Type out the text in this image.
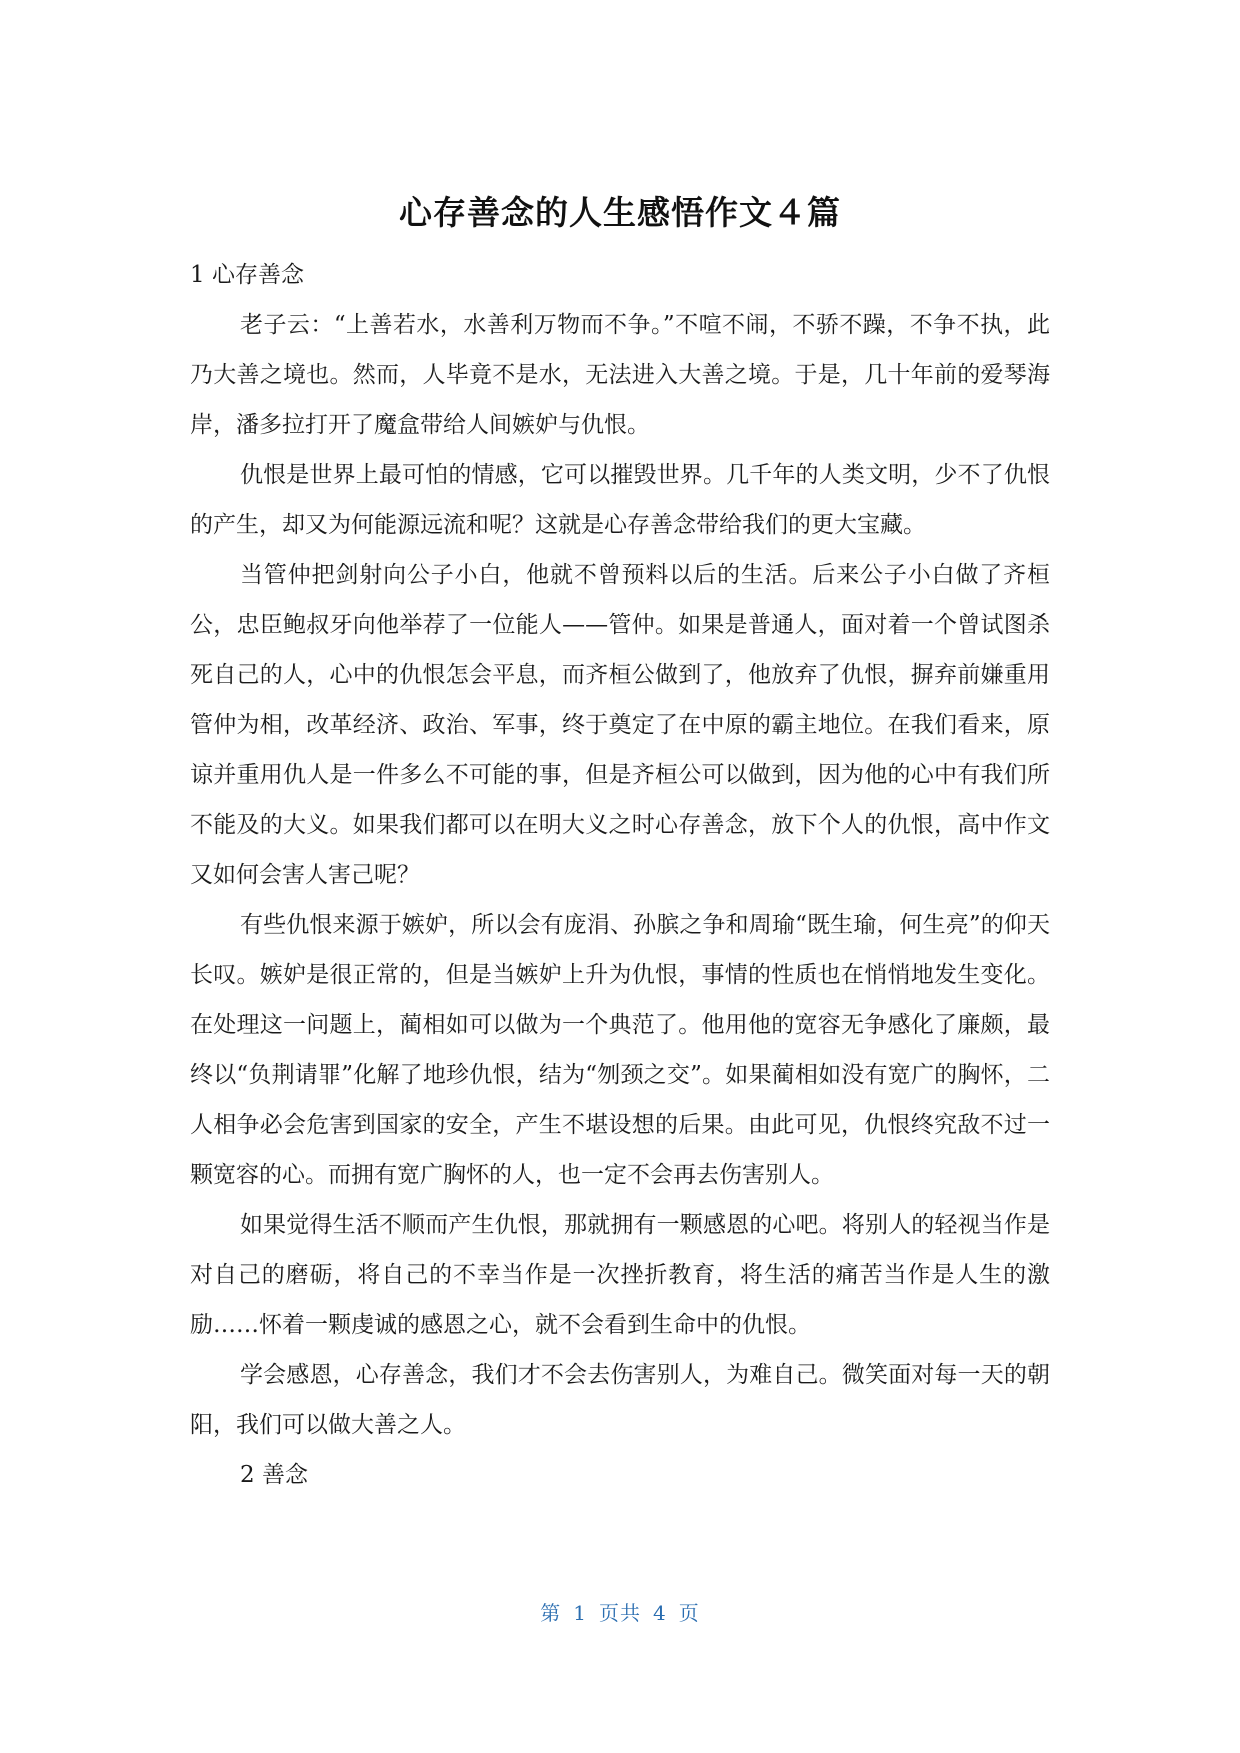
心存善念的人生感悟作文４篇

1 心存善念

老子云：“上善若水，水善利万物而不争。”不喧不闹，不骄不躁，不争不执，此乃大善之境也。然而，人毕竟不是水，无法进入大善之境。于是，几十年前的爱琴海岸，潘多拉打开了魔盒带给人间嫉妒与仇恨。

仇恨是世界上最可怕的情感，它可以摧毁世界。几千年的人类文明，少不了仇恨的产生，却又为何能源远流和呢？这就是心存善念带给我们的更大宝藏。

当管仲把剑射向公子小白，他就不曾预料以后的生活。后来公子小白做了齐桓公，忠臣鲍叔牙向他举荐了一位能人——管仲。如果是普通人，面对着一个曾试图杀死自己的人，心中的仇恨怎会平息，而齐桓公做到了，他放弃了仇恨，摒弃前嫌重用管仲为相，改革经济、政治、军事，终于奠定了在中原的霸主地位。在我们看来，原谅并重用仇人是一件多么不可能的事，但是齐桓公可以做到，因为他的心中有我们所不能及的大义。如果我们都可以在明大义之时心存善念，放下个人的仇恨，高中作文又如何会害人害己呢？

有些仇恨来源于嫉妒，所以会有庞涓、孙膑之争和周瑜“既生瑜，何生亮”的仰天长叹。嫉妒是很正常的，但是当嫉妒上升为仇恨，事情的性质也在悄悄地发生变化。在处理这一问题上，蔺相如可以做为一个典范了。他用他的宽容无争感化了廉颇，最终以“负荆请罪”化解了地珍仇恨，结为“刎颈之交”。如果蔺相如没有宽广的胸怀，二人相争必会危害到国家的安全，产生不堪设想的后果。由此可见，仇恨终究敌不过一颗宽容的心。而拥有宽广胸怀的人，也一定不会再去伤害别人。

如果觉得生活不顺而产生仇恨，那就拥有一颗感恩的心吧。将别人的轻视当作是对自己的磨砺，将自己的不幸当作是一次挫折教育，将生活的痛苦当作是人生的激励……怀着一颗虔诚的感恩之心，就不会看到生命中的仇恨。

学会感恩，心存善念，我们才不会去伤害别人，为难自己。微笑面对每一天的朝阳，我们可以做大善之人。

2 善念

第 1 页共 4 页
